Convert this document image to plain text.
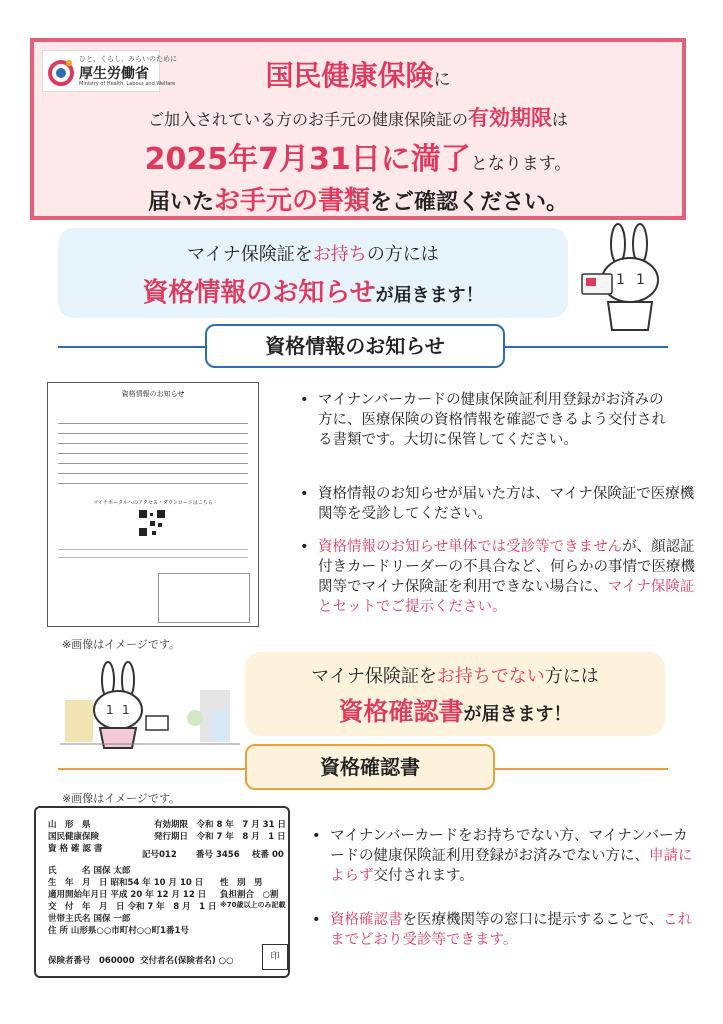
ひと、くらし、みらいのために
厚生労働省
Ministry of Health, Labour and Welfare	国民健康保険に
ご加入されている方のお手元の健康保険証の有効期限は
2025年7月31日に満了となります。
届いたお手元の書類をご確認ください。
マイナ保険証をお持ちの方には
資格情報のお知らせが届きます！
1 1
資格情報のお知らせ
資格情報のお知らせ
マイナポータルへのアクセス・ダウンロードはこちら
※画像はイメージです。
• マイナンバーカードの健康保険証利用登録がお済みの方に、医療保険の資格情報を確認できるよう交付される書類です。大切に保管してください。
• 資格情報のお知らせが届いた方は、マイナ保険証で医療機関等を受診してください。
• 資格情報のお知らせ単体では受診等できませんが、顔認証付きカードリーダーの不具合など、何らかの事情で医療機関等でマイナ保険証を利用できない場合に、マイナ保険証とセットでご提示ください。
1 1
マイナ保険証をお持ちでない方には
資格確認書が届きます！
資格確認書
※画像はイメージです。
山　形　県
国民健康保険
資 格 確 認 書
有効期限　令和 8 年　7 月 31 日
発行期日　令和 7 年　8 月　1 日
記号012 番号 3456 枝番 00
氏　　　名 国保 太郎
生　年　月　日 昭和54 年 10 月 10 日 性　別　男
適用開始年月日 平成 20 年 12 月 12 日 負担割合　○割
交　付　年　月　日 令和 7 年　8 月　1 日 ※70歳以上のみ記載
世帯主氏名 国保 一郎
住 所 山形県○○市町村○○町1番1号
保険者番号　060000 交付者名(保険者名) ○○	印
• マイナンバーカードをお持ちでない方、マイナンバーカードの健康保険証利用登録がお済みでない方に、申請によらず交付されます。
• 資格確認書を医療機関等の窓口に提示することで、これまでどおり受診等できます。
